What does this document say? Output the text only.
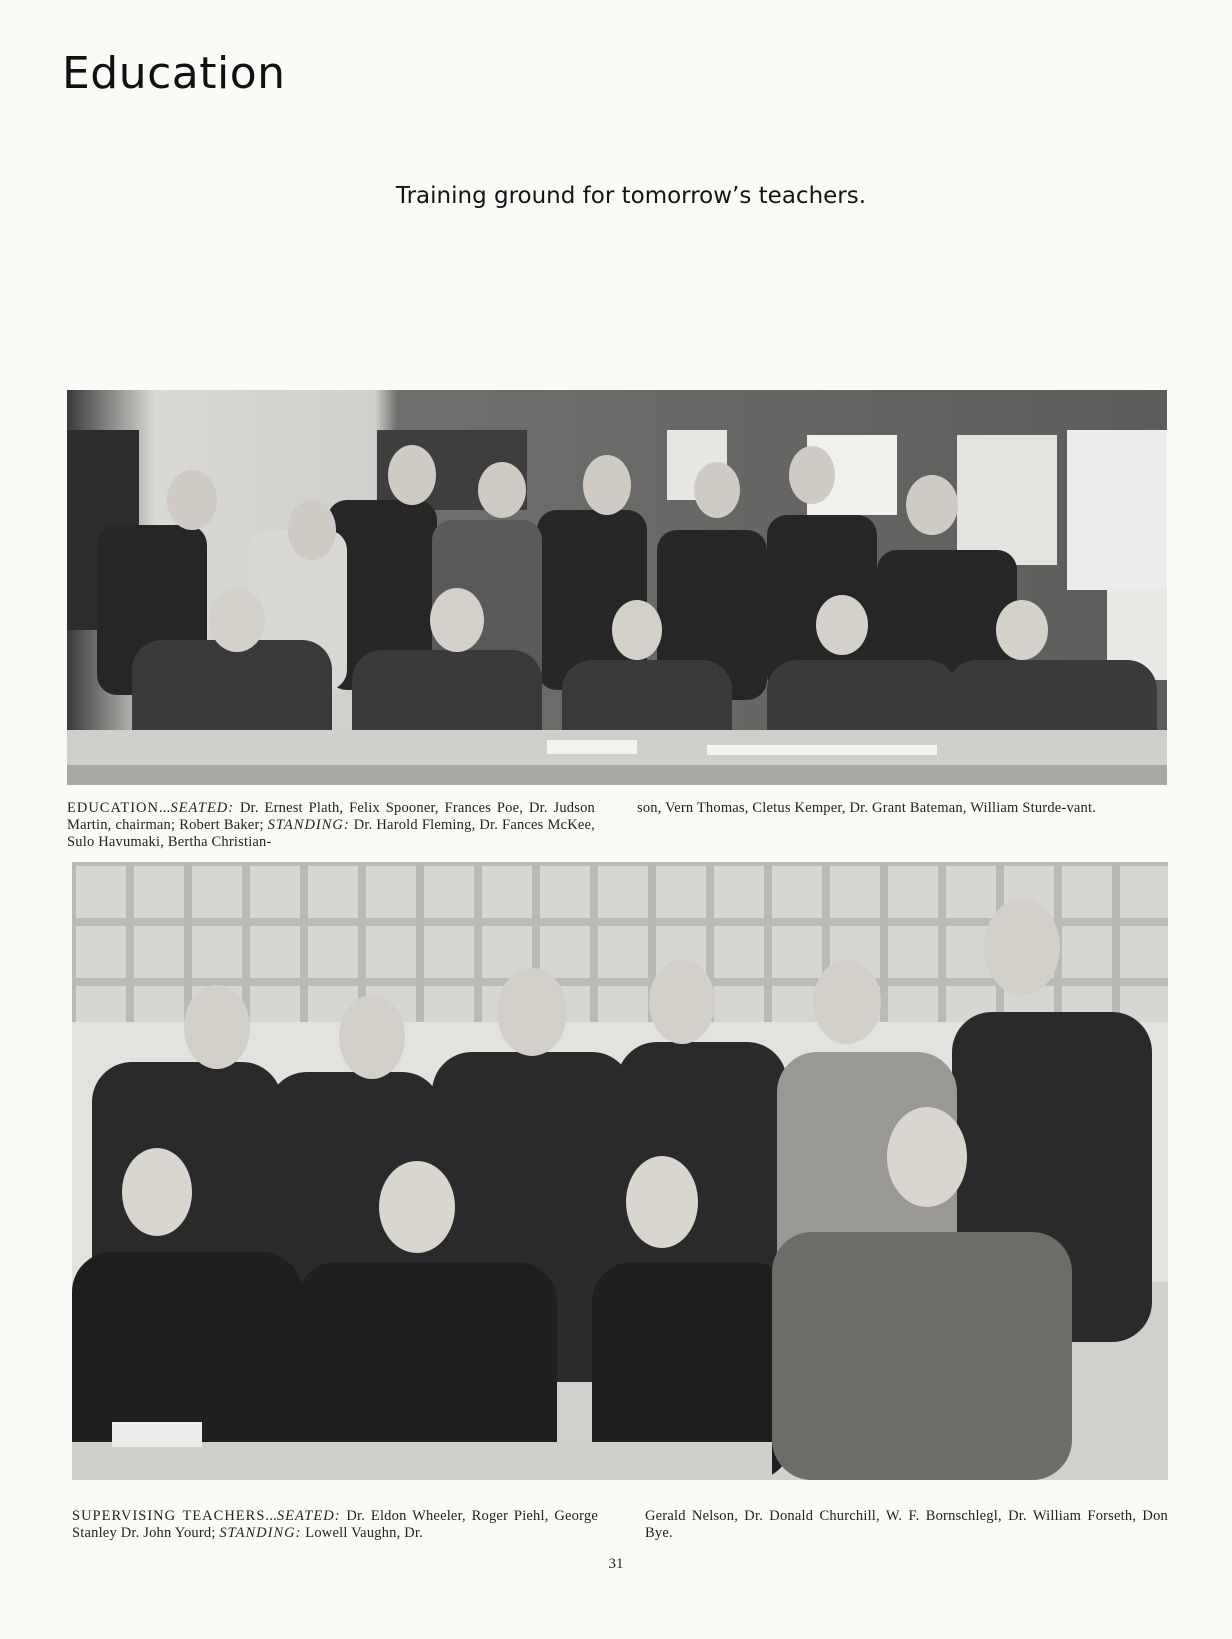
Education
Training ground for tomorrow’s teachers.
EDUCATION...SEATED: Dr. Ernest Plath, Felix Spooner, Frances Poe, Dr. Judson Martin, chairman; Robert Baker; STANDING: Dr. Harold Fleming, Dr. Fances McKee, Sulo Havumaki, Bertha Christian-
son, Vern Thomas, Cletus Kemper, Dr. Grant Bateman, William Sturde-vant.
SUPERVISING TEACHERS...SEATED: Dr. Eldon Wheeler, Roger Piehl, George Stanley Dr. John Yourd; STANDING: Lowell Vaughn, Dr.
Gerald Nelson, Dr. Donald Churchill, W. F. Bornschlegl, Dr. William Forseth, Don Bye.
31
